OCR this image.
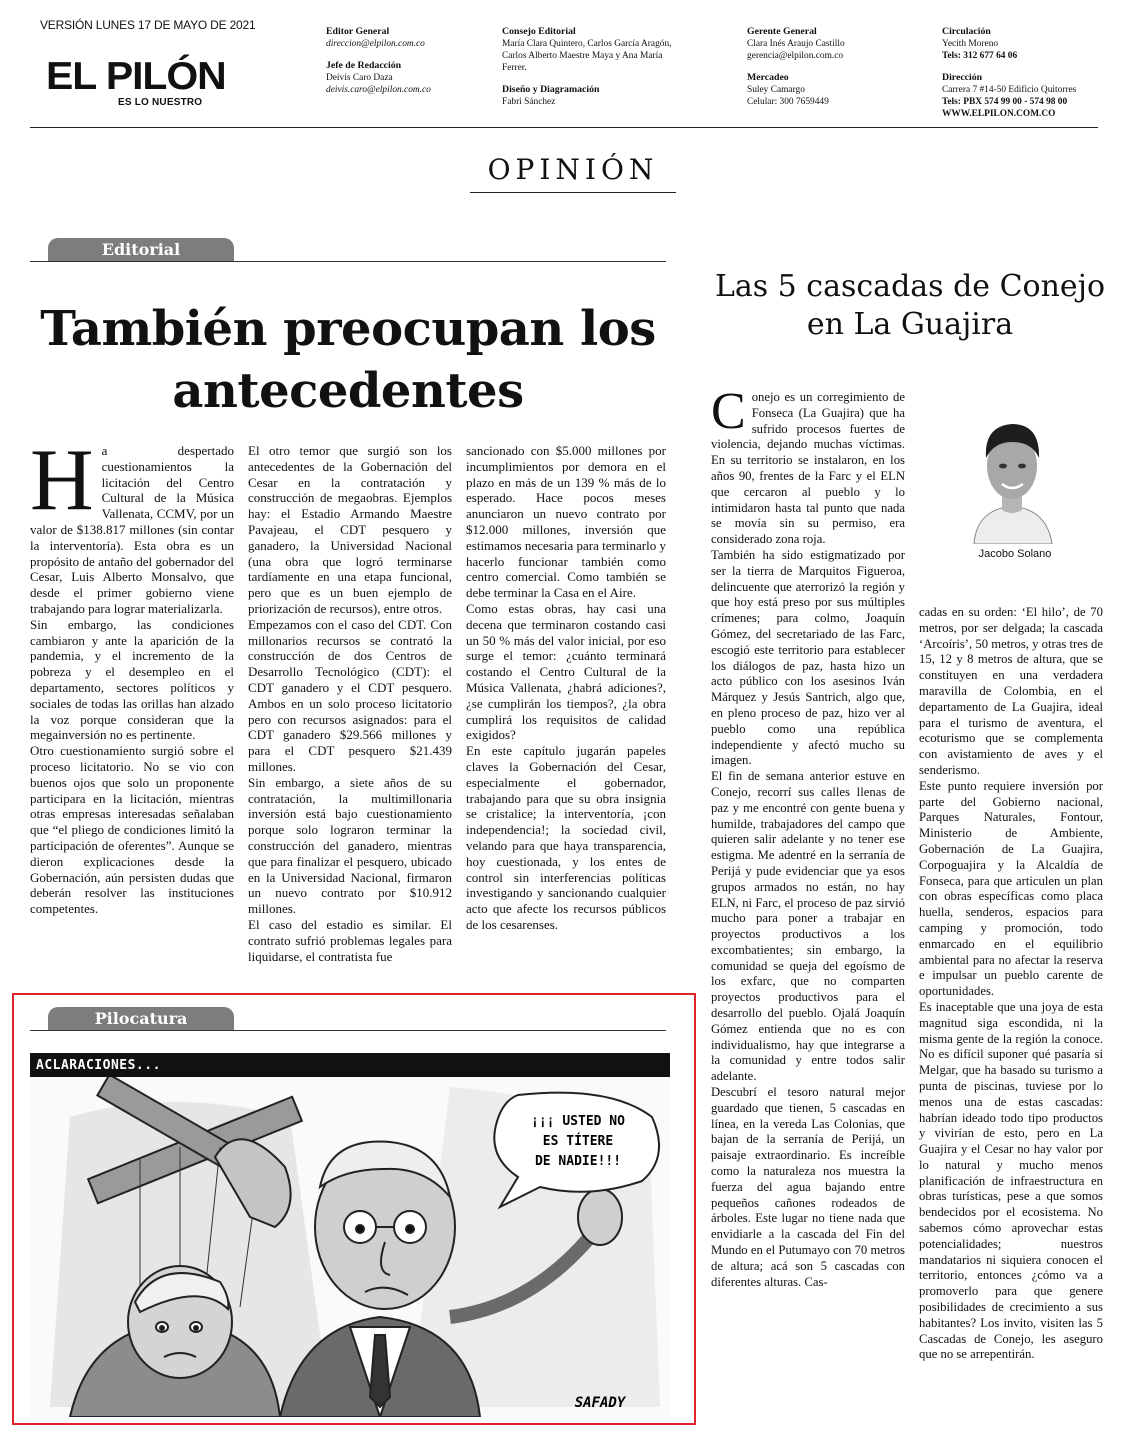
VERSIÓN LUNES 17 DE MAYO DE 2021
EL PILÓN
ES LO NUESTRO
Editor General
direccion@elpilon.com.co
Jefe de Redacción
Deivis Caro Daza
deivis.caro@elpilon.com.co
Consejo Editorial
María Clara Quintero, Carlos García Aragón,
Carlos Alberto Maestre Maya y Ana María
Ferrer.
Diseño y Diagramación
Fabri Sánchez
Gerente General
Clara Inés Araujo Castillo
gerencia@elpilon.com.co
Mercadeo
Suley Camargo
Celular: 300 7659449
Circulación
Yecith Moreno
Tels: 312 677 64 06
Dirección
Carrera 7 #14-50 Edificio Quitorres
Tels: PBX 574 99 00 - 574 98 00
WWW.ELPILON.COM.CO
OPINIÓN
Editorial
También preocupan los antecedentes
H a despertado cuestionamientos la licitación del Centro Cultural de la Música Vallenata, CCMV, por un valor de $138.817 millones (sin contar la interventoría). Esta obra es un propósito de antaño del gobernador del Cesar, Luis Alberto Monsalvo, que desde el primer gobierno viene trabajando para lograr materializarla.

Sin embargo, las condiciones cambiaron y ante la aparición de la pandemia, y el incremento de la pobreza y el desempleo en el departamento, sectores políticos y sociales de todas las orillas han alzado la voz porque consideran que la megainversión no es pertinente.

Otro cuestionamiento surgió sobre el proceso licitatorio. No se vio con buenos ojos que solo un proponente participara en la licitación, mientras otras empresas interesadas señalaban que “el pliego de condiciones limitó la participación de oferentes”. Aunque se dieron explicaciones desde la Gobernación, aún persisten dudas que deberán resolver las instituciones competentes.

El otro temor que surgió son los antecedentes de la Gobernación del Cesar en la contratación y construcción de megaobras. Ejemplos hay: el Estadio Armando Maestre Pavajeau, el CDT pesquero y ganadero, la Universidad Nacional (una obra que logró terminarse tardíamente en una etapa funcional, pero que es un buen ejemplo de priorización de recursos), entre otros.

Empezamos con el caso del CDT. Con millonarios recursos se contrató la construcción de dos Centros de Desarrollo Tecnológico (CDT): el CDT ganadero y el CDT pesquero. Ambos en un solo proceso licitatorio pero con recursos asignados: para el CDT ganadero $29.566 millones y para el CDT pesquero $21.439 millones.

Sin embargo, a siete años de su contratación, la multimillonaria inversión está bajo cuestionamiento porque solo lograron terminar la construcción del ganadero, mientras que para finalizar el pesquero, ubicado en la Universidad Nacional, firmaron un nuevo contrato por $10.912 millones.

El caso del estadio es similar. El contrato sufrió problemas legales para liquidarse, el contratista fue

sancionado con $5.000 millones por incumplimientos por demora en el plazo en más de un 139 % más de lo esperado. Hace pocos meses anunciaron un nuevo contrato por $12.000 millones, inversión que estimamos necesaria para terminarlo y hacerlo funcionar también como centro comercial. Como también se debe terminar la Casa en el Aire.

Como estas obras, hay casi una decena que terminaron costando casi un 50 % más del valor inicial, por eso surge el temor: ¿cuánto terminará costando el Centro Cultural de la Música Vallenata, ¿habrá adiciones?, ¿se cumplirán los tiempos?, ¿la obra cumplirá los requisitos de calidad exigidos?

En este capítulo jugarán papeles claves la Gobernación del Cesar, especialmente el gobernador, trabajando para que su obra insignia se cristalice; la interventoría, ¡con independencia!; la sociedad civil, velando para que haya transparencia, hoy cuestionada, y los entes de control sin interferencias políticas investigando y sancionando cualquier acto que afecte los recursos públicos de los cesarenses.

Las 5 cascadas de Conejo en La Guajira
Jacobo Solano
C onejo es un corregimiento de Fonseca (La Guajira) que ha sufrido procesos fuertes de violencia, dejando muchas víctimas. En su territorio se instalaron, en los años 90, frentes de la Farc y el ELN que cercaron al pueblo y lo intimidaron hasta tal punto que nada se movía sin su permiso, era considerado zona roja.

También ha sido estigmatizado por ser la tierra de Marquitos Figueroa, delincuente que aterrorizó la región y que hoy está preso por sus múltiples crímenes; para colmo, Joaquín Gómez, del secretariado de las Farc, escogió este territorio para establecer los diálogos de paz, hasta hizo un acto público con los asesinos Iván Márquez y Jesús Santrich, algo que, en pleno proceso de paz, hizo ver al pueblo como una república independiente y afectó mucho su imagen.

El fin de semana anterior estuve en Conejo, recorrí sus calles llenas de paz y me encontré con gente buena y humilde, trabajadores del campo que quieren salir adelante y no tener ese estigma. Me adentré en la serranía de Perijá y pude evidenciar que ya esos grupos armados no están, no hay ELN, ni Farc, el proceso de paz sirvió mucho para poner a trabajar en proyectos productivos a los excombatientes; sin embargo, la comunidad se queja del egoísmo de los exfarc, que no comparten proyectos productivos para el desarrollo del pueblo. Ojalá Joaquín Gómez entienda que no es con individualismo, hay que integrarse a la comunidad y entre todos salir adelante.

Descubrí el tesoro natural mejor guardado que tienen, 5 cascadas en línea, en la vereda Las Colonias, que bajan de la serranía de Perijá, un paisaje extraordinario. Es increíble como la naturaleza nos muestra la fuerza del agua bajando entre pequeños cañones rodeados de árboles. Este lugar no tiene nada que envidiarle a la cascada del Fin del Mundo en el Putumayo con 70 metros de altura; acá son 5 cascadas con diferentes alturas. Cas-

cadas en su orden: ‘El hilo’, de 70 metros, por ser delgada; la cascada ‘Arcoíris’, 50 metros, y otras tres de 15, 12 y 8 metros de altura, que se constituyen en una verdadera maravilla de Colombia, en el departamento de La Guajira, ideal para el turismo de aventura, el ecoturismo que se complementa con avistamiento de aves y el senderismo.

Este punto requiere inversión por parte del Gobierno nacional, Parques Naturales, Fontour, Ministerio de Ambiente, Gobernación de La Guajira, Corpoguajira y la Alcaldía de Fonseca, para que articulen un plan con obras específicas como placa huella, senderos, espacios para camping y promoción, todo enmarcado en el equilibrio ambiental para no afectar la reserva e impulsar un pueblo carente de oportunidades.

Es inaceptable que una joya de esta magnitud siga escondida, ni la misma gente de la región la conoce. No es difícil suponer qué pasaría si Melgar, que ha basado su turismo a punta de piscinas, tuviese por lo menos una de estas cascadas: habrían ideado todo tipo productos y vivirían de esto, pero en La Guajira y el Cesar no hay valor por lo natural y mucho menos planificación de infraestructura en obras turísticas, pese a que somos bendecidos por el ecosistema. No sabemos cómo aprovechar estas potencialidades; nuestros mandatarios ni siquiera conocen el territorio, entonces ¿cómo va a promoverlo para que genere posibilidades de crecimiento a sus habitantes? Los invito, visiten las 5 Cascadas de Conejo, les aseguro que no se arrepentirán.

Pilocatura
ACLARACIONES...
¡¡¡ USTED NO
ES TÍTERE
DE NADIE!!!
SAFADY
